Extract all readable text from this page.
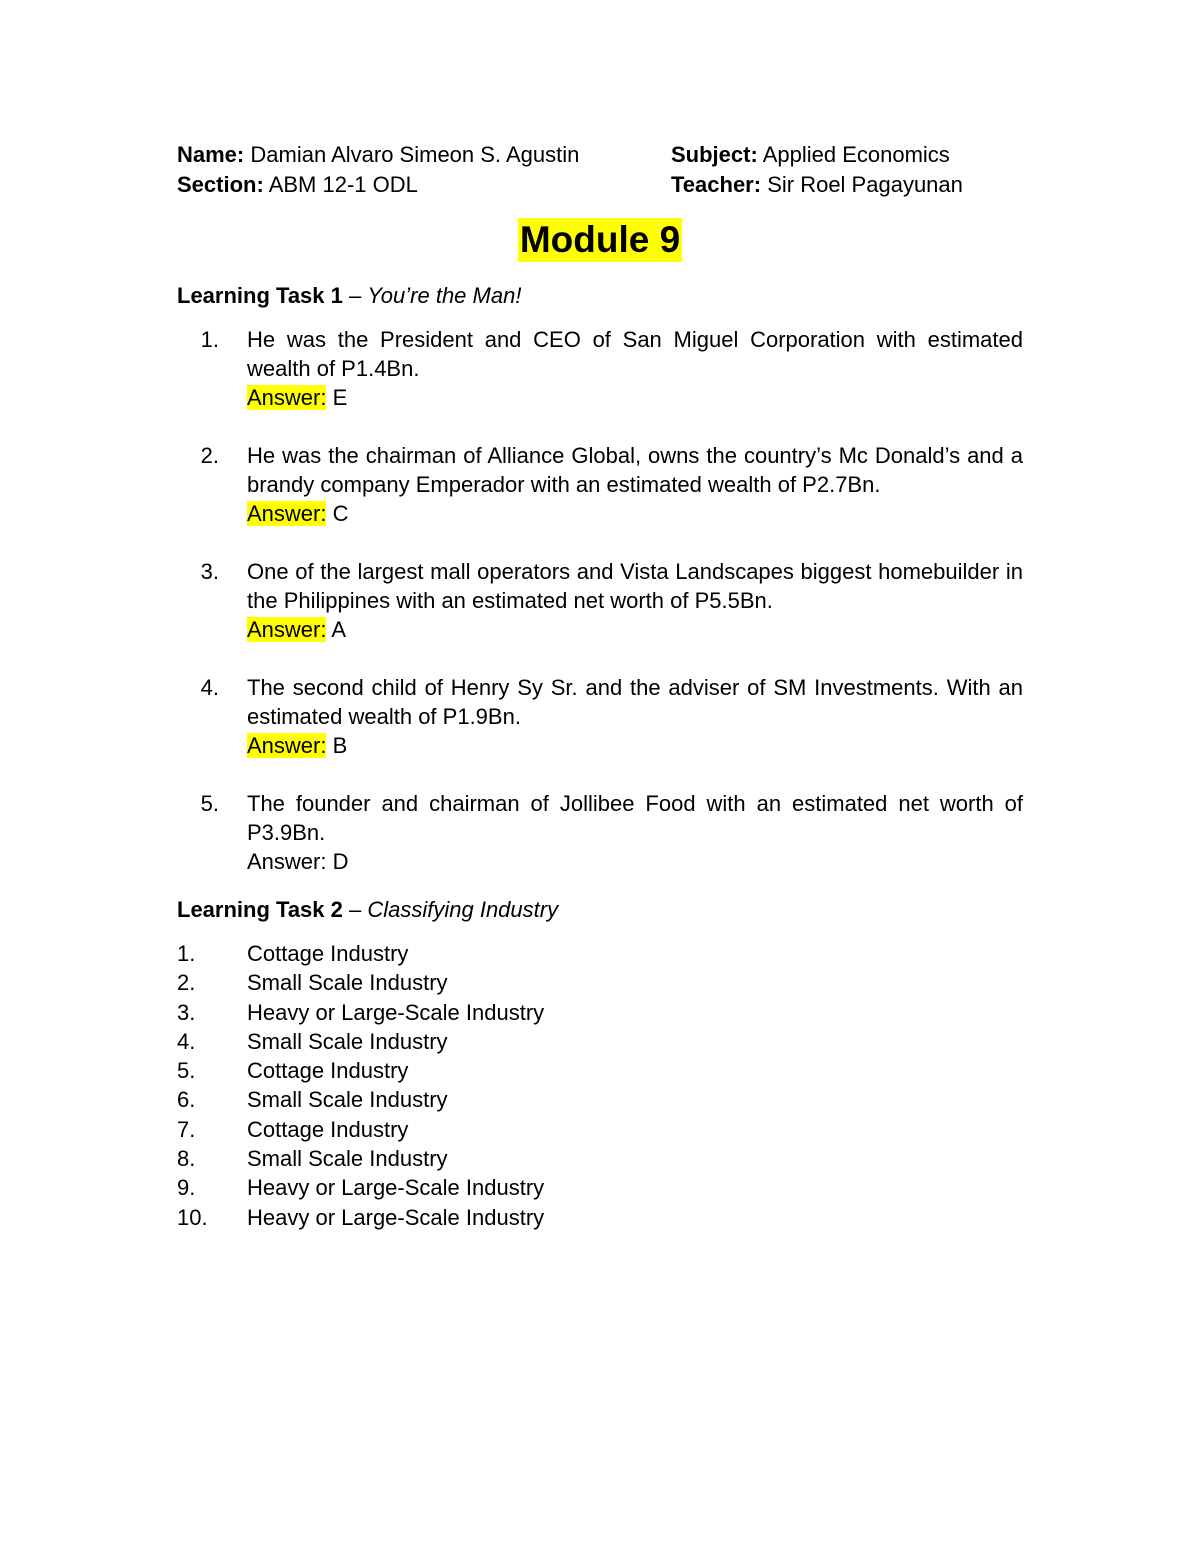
Name: Damian Alvaro Simeon S. Agustin	Subject: Applied Economics
Section: ABM 12-1 ODL	Teacher: Sir Roel Pagayunan
Module 9
Learning Task 1 – You’re the Man!
1.	He was the President and CEO of San Miguel Corporation with estimated wealth of P1.4Bn.
Answer: E
2.	He was the chairman of Alliance Global, owns the country’s Mc Donald’s and a brandy company Emperador with an estimated wealth of P2.7Bn.
Answer: C
3.	One of the largest mall operators and Vista Landscapes biggest homebuilder in the Philippines with an estimated net worth of P5.5Bn.
Answer: A
4.	The second child of Henry Sy Sr. and the adviser of SM Investments. With an estimated wealth of P1.9Bn.
Answer: B
5.	The founder and chairman of Jollibee Food with an estimated net worth of P3.9Bn.
Answer: D
Learning Task 2 – Classifying Industry
1.	Cottage Industry
2.	Small Scale Industry
3.	Heavy or Large-Scale Industry
4.	Small Scale Industry
5.	Cottage Industry
6.	Small Scale Industry
7.	Cottage Industry
8.	Small Scale Industry
9.	Heavy or Large-Scale Industry
10.	Heavy or Large-Scale Industry
